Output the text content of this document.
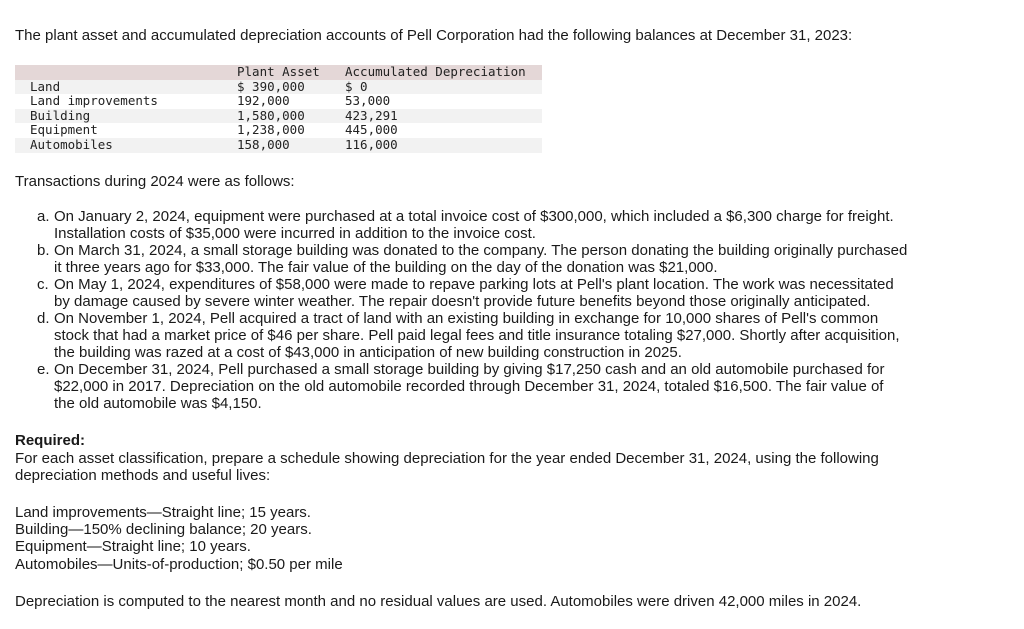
The plant asset and accumulated depreciation accounts of Pell Corporation had the following balances at December 31, 2023:
	Plant Asset	Accumulated Depreciation
Land	$ 390,000	$ 0
Land improvements	192,000	53,000
Building	1,580,000	423,291
Equipment	1,238,000	445,000
Automobiles	158,000	116,000
Transactions during 2024 were as follows:
a. On January 2, 2024, equipment were purchased at a total invoice cost of $300,000, which included a $6,300 charge for freight.
Installation costs of $35,000 were incurred in addition to the invoice cost.
b. On March 31, 2024, a small storage building was donated to the company. The person donating the building originally purchased
it three years ago for $33,000. The fair value of the building on the day of the donation was $21,000.
c. On May 1, 2024, expenditures of $58,000 were made to repave parking lots at Pell's plant location. The work was necessitated
by damage caused by severe winter weather. The repair doesn't provide future benefits beyond those originally anticipated.
d. On November 1, 2024, Pell acquired a tract of land with an existing building in exchange for 10,000 shares of Pell's common
stock that had a market price of $46 per share. Pell paid legal fees and title insurance totaling $27,000. Shortly after acquisition,
the building was razed at a cost of $43,000 in anticipation of new building construction in 2025.
e. On December 31, 2024, Pell purchased a small storage building by giving $17,250 cash and an old automobile purchased for
$22,000 in 2017. Depreciation on the old automobile recorded through December 31, 2024, totaled $16,500. The fair value of
the old automobile was $4,150.
Required:
For each asset classification, prepare a schedule showing depreciation for the year ended December 31, 2024, using the following
depreciation methods and useful lives:
Land improvements—Straight line; 15 years.
Building—150% declining balance; 20 years.
Equipment—Straight line; 10 years.
Automobiles—Units-of-production; $0.50 per mile
Depreciation is computed to the nearest month and no residual values are used. Automobiles were driven 42,000 miles in 2024.
